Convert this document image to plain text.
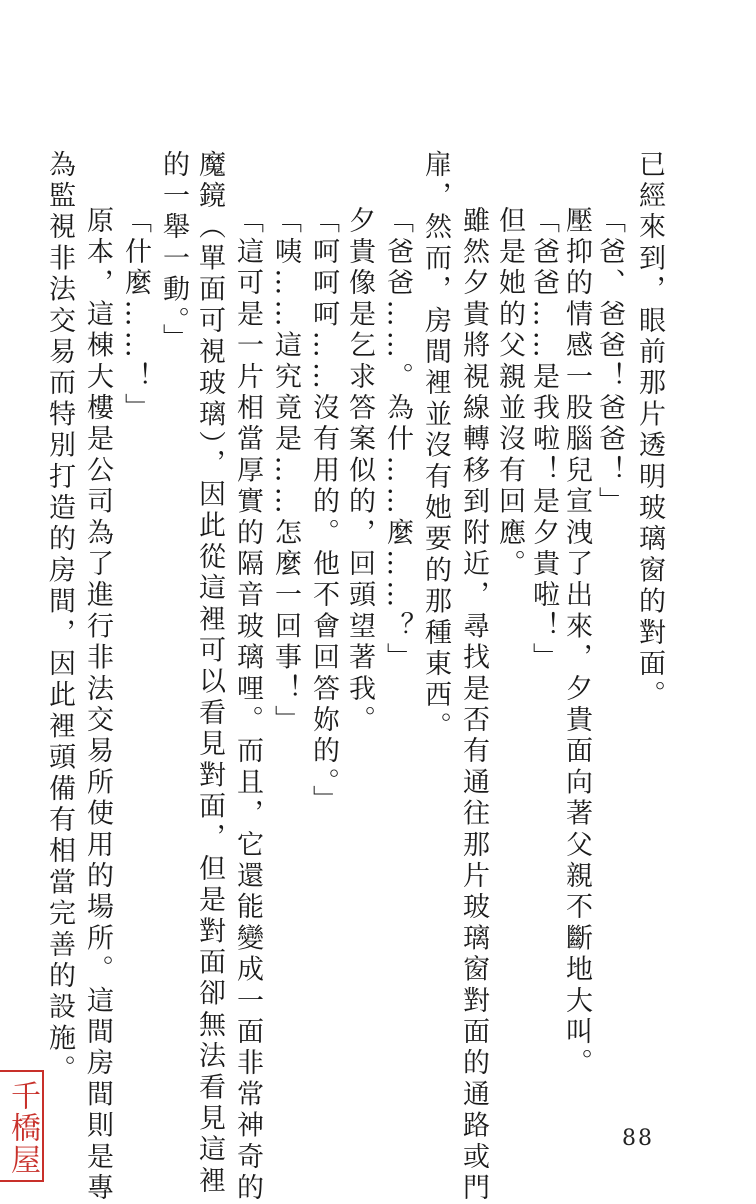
已經來到，眼前那片透明玻璃窗的對面。
「爸、爸爸！爸爸！」
壓抑的情感一股腦兒宣洩了出來，夕貴面向著父親不斷地大叫。
「爸爸……是我啦！是夕貴啦！」
但是她的父親並沒有回應。
雖然夕貴將視線轉移到附近，尋找是否有通往那片玻璃窗對面的通路或門
扉，然而，房間裡並沒有她要的那種東西。
「爸爸……。為什……麼……？」
夕貴像是乞求答案似的，回頭望著我。
「呵呵呵……沒有用的。他不會回答妳的。」
「咦……這究竟是……怎麼一回事！」
「這可是一片相當厚實的隔音玻璃哩。而且，它還能變成一面非常神奇的
魔鏡（單面可視玻璃），因此從這裡可以看見對面，但是對面卻無法看見這裡
的一舉一動。」
「什麼……！」
原本，這棟大樓是公司為了進行非法交易所使用的場所。這間房間則是專
為監視非法交易而特別打造的房間，因此裡頭備有相當完善的設施。
88
千橋屋
